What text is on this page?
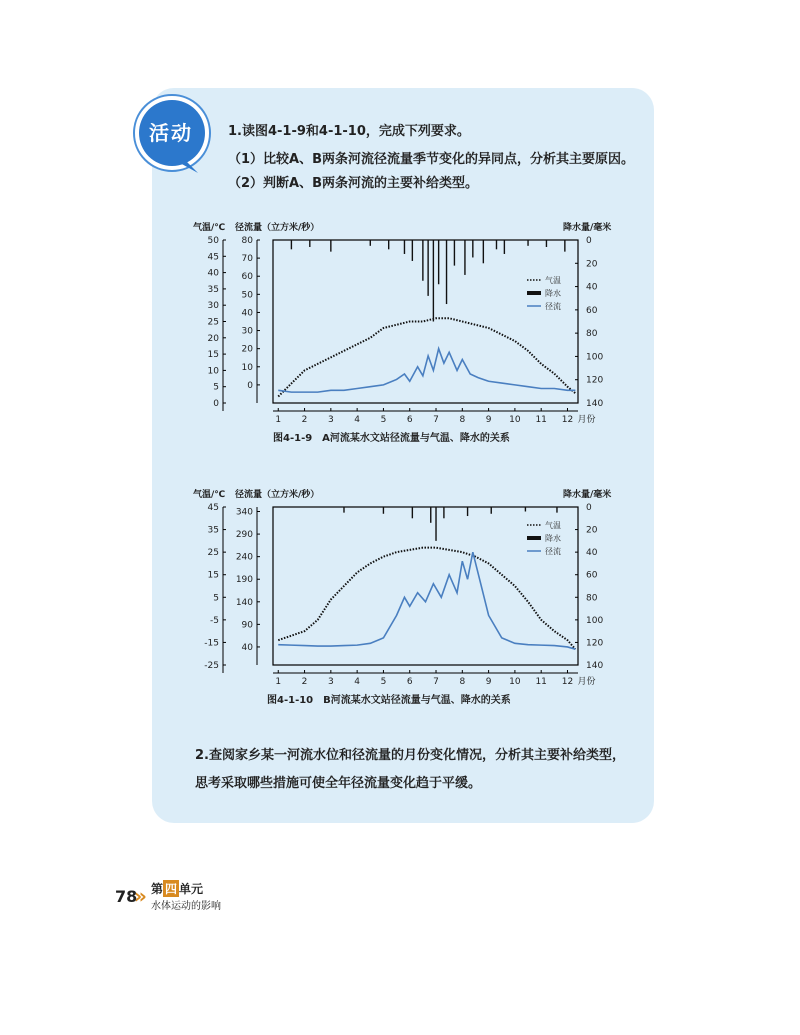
活动	1.读图4-1-9和4-1-10，完成下列要求。
（1）比较A、B两条河流径流量季节变化的异同点，分析其主要原因。
（2）判断A、B两条河流的主要补给类型。
气温/℃ 径流量（立方米/秒）	降水量/毫米
0
5
10
15
20
25
30
35
40
45
50
0
10
20
30
40
50
60
70
80	0
20
40
60
80
100
120
140
1 2 3 4 5 6 7 8 9 10 11 12 月份
气温
降水
径流
图4-1-9　A河流某水文站径流量与气温、降水的关系
气温/℃ 径流量（立方米/秒）	降水量/毫米
-25
-15
-5
5
15
25
35
45
40
90
140
190
240
290
340	0
20
40
60
80
100
120
140
1 2 3 4 5 6 7 8 9 10 11 12 月份
气温
降水
径流
图4-1-10　B河流某水文站径流量与气温、降水的关系
2.查阅家乡某一河流水位和径流量的月份变化情况，分析其主要补给类型，思考采取哪些措施可使全年径流量变化趋于平缓。
78
» 第 四 单元
水体运动的影响
